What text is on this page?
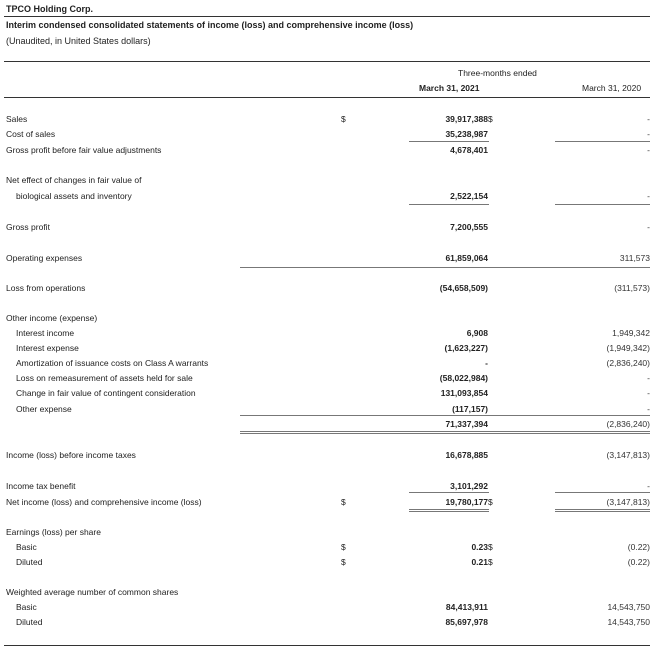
TPCO Holding Corp.
Interim condensed consolidated statements of income (loss) and comprehensive income (loss)
(Unaudited, in United States dollars)
Three-months ended
March 31, 2021	March 31, 2020
Sales	$	39,917,388 $	-
Cost of sales	35,238,987	-
Gross profit before fair value adjustments	4,678,401	-
Net effect of changes in fair value of
biological assets and inventory	2,522,154	-
Gross profit	7,200,555	-
Operating expenses	61,859,064	311,573
Loss from operations	(54,658,509)	(311,573)
Other income (expense)
Interest income	6,908	1,949,342
Interest expense	(1,623,227)	(1,949,342)
Amortization of issuance costs on Class A warrants	-	(2,836,240)
Loss on remeasurement of assets held for sale	(58,022,984)	-
Change in fair value of contingent consideration	131,093,854	-
Other expense	(117,157)	-
71,337,394	(2,836,240)
Income (loss) before income taxes	16,678,885	(3,147,813)
Income tax benefit	3,101,292	-
Net income (loss) and comprehensive income (loss)	$	19,780,177 $	(3,147,813)
Earnings (loss) per share
Basic	$	0.23 $	(0.22)
Diluted	$	0.21 $	(0.22)
Weighted average number of common shares
Basic	84,413,911	14,543,750
Diluted	85,697,978	14,543,750
